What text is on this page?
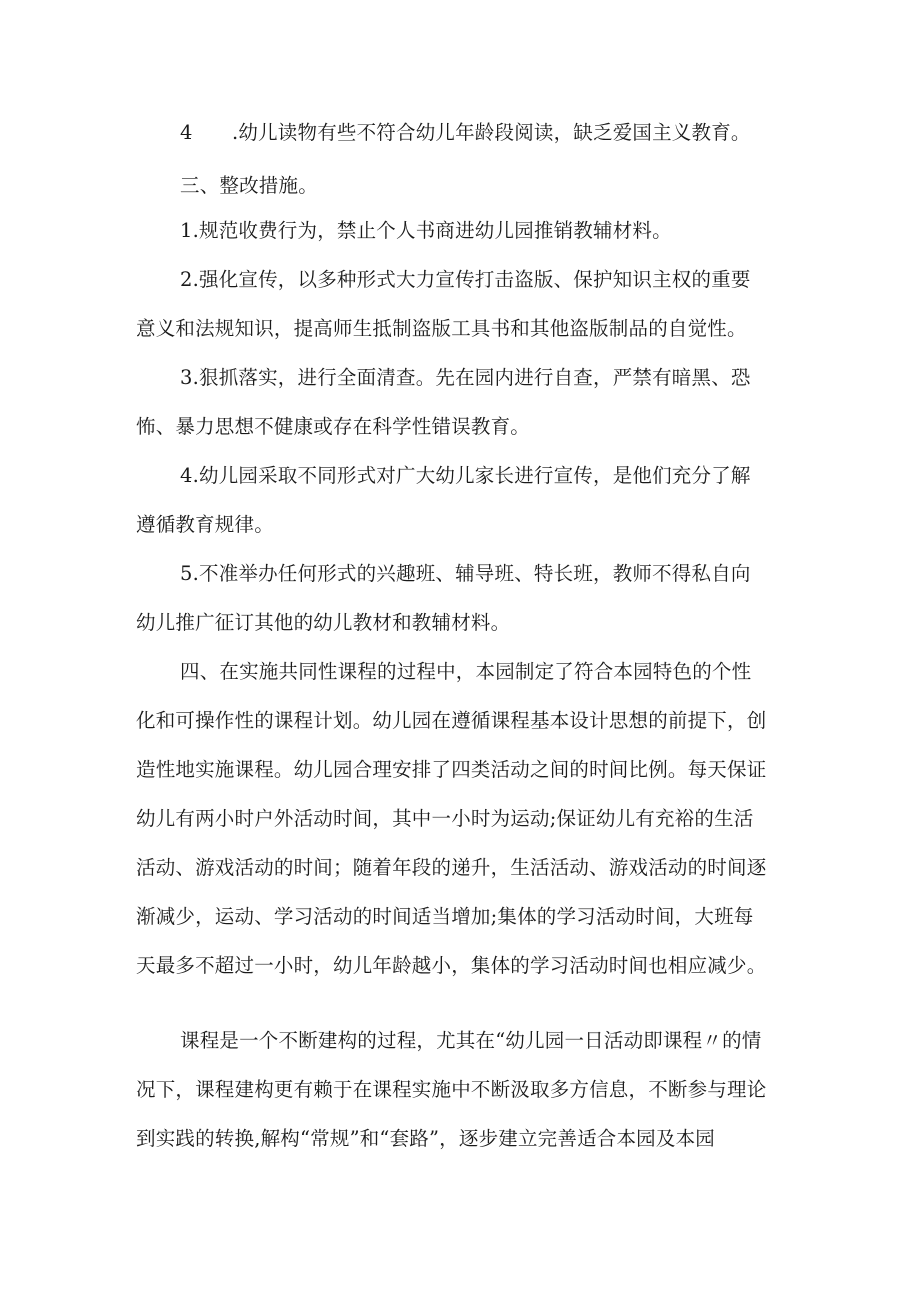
4　　.幼儿读物有些不符合幼儿年龄段阅读，缺乏爱国主义教育。
三、整改措施。
1.规范收费行为，禁止个人书商进幼儿园推销教辅材料。
2.强化宣传，以多种形式大力宣传打击盗版、保护知识主权的重要
意义和法规知识，提高师生抵制盗版工具书和其他盗版制品的自觉性。
3.狠抓落实，进行全面清查。先在园内进行自查，严禁有暗黑、恐
怖、暴力思想不健康或存在科学性错误教育。
4.幼儿园采取不同形式对广大幼儿家长进行宣传，是他们充分了解
遵循教育规律。
5.不准举办任何形式的兴趣班、辅导班、特长班，教师不得私自向
幼儿推广征订其他的幼儿教材和教辅材料。
四、在实施共同性课程的过程中，本园制定了符合本园特色的个性
化和可操作性的课程计划。幼儿园在遵循课程基本设计思想的前提下，创
造性地实施课程。幼儿园合理安排了四类活动之间的时间比例。每天保证
幼儿有两小时户外活动时间，其中一小时为运动;保证幼儿有充裕的生活
活动、游戏活动的时间；随着年段的递升，生活活动、游戏活动的时间逐
渐减少，运动、学习活动的时间适当增加;集体的学习活动时间，大班每
天最多不超过一小时，幼儿年龄越小，集体的学习活动时间也相应减少。
课程是一个不断建构的过程，尤其在“幼儿园一日活动即课程〃的情
况下，课程建构更有赖于在课程实施中不断汲取多方信息，不断参与理论
到实践的转换,解构“常规”和“套路”，逐步建立完善适合本园及本园
